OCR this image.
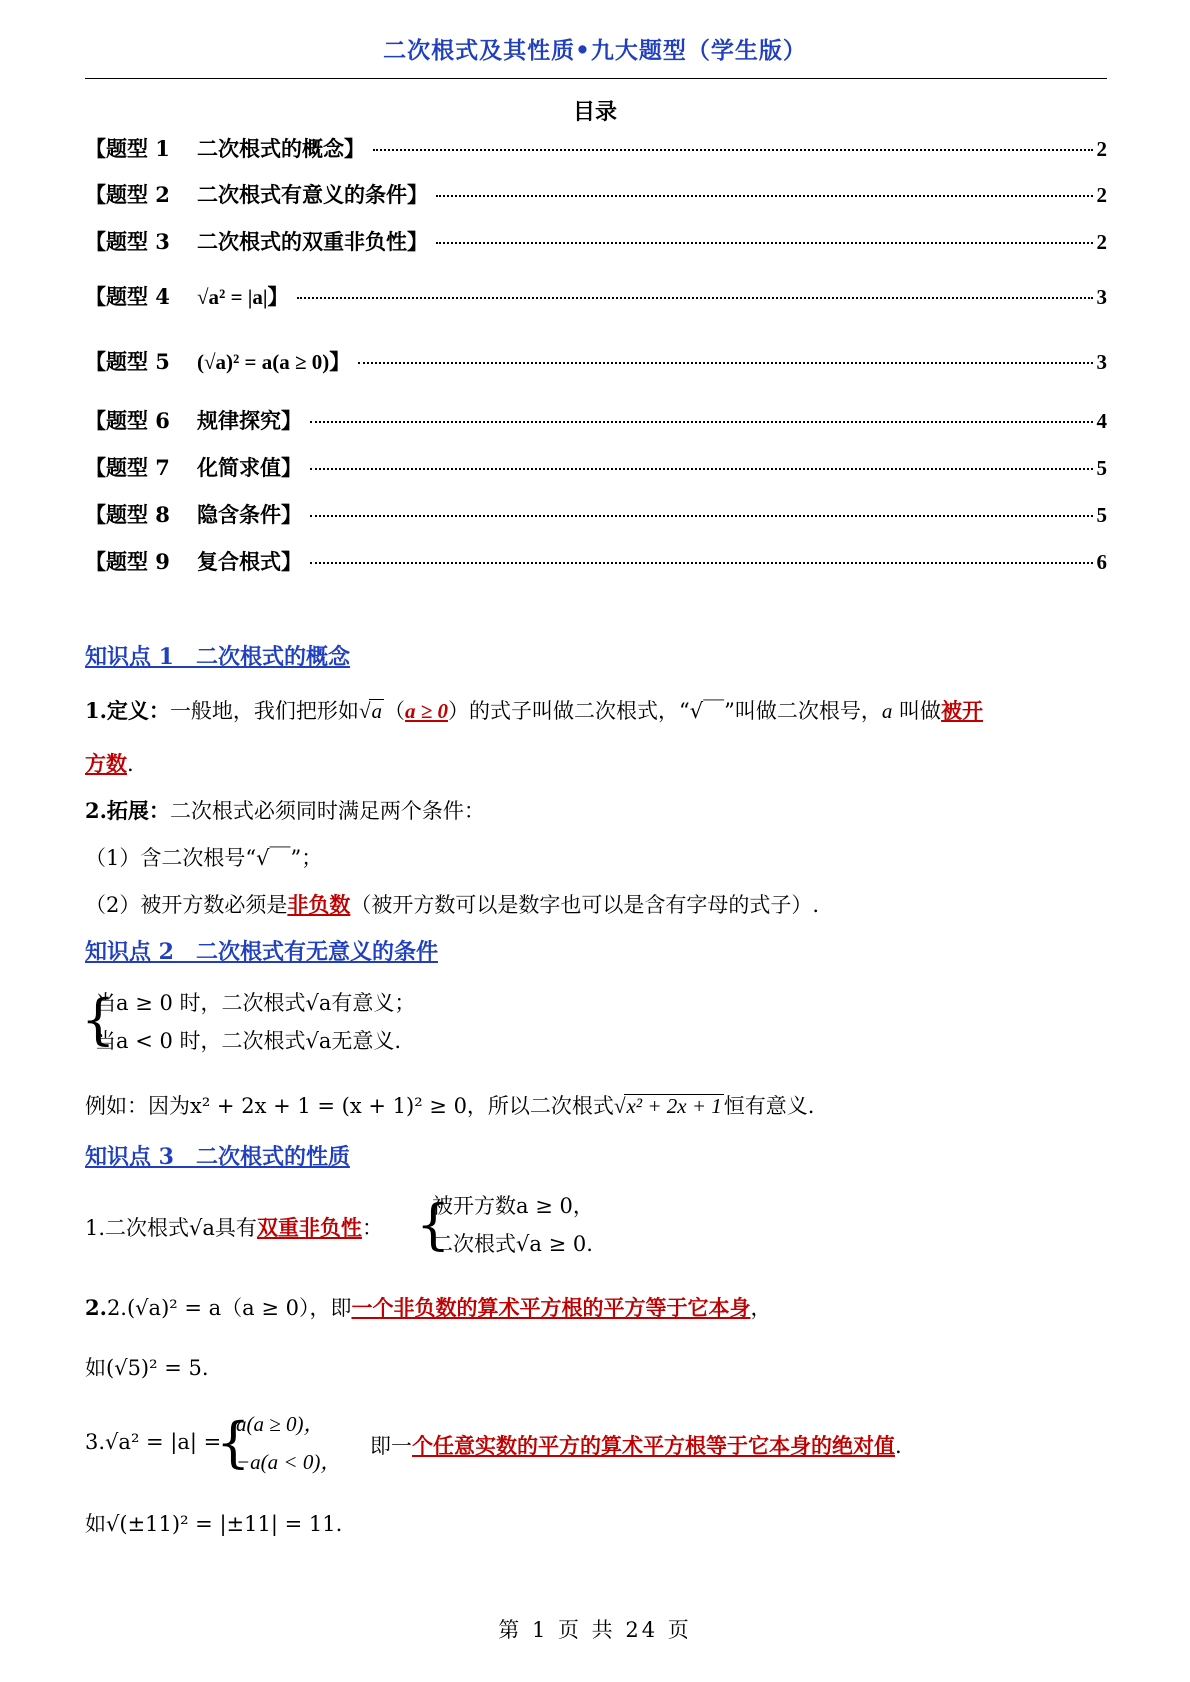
二次根式及其性质•九大题型（学生版）
目录
【题型 1	二次根式的概念】	2
【题型 2	二次根式有意义的条件】	2
【题型 3	二次根式的双重非负性】	2
【题型 4	√a² = |a|】	3
【题型 5	(√a)² = a(a ≥ 0)】	3
【题型 6	规律探究】	4
【题型 7	化简求值】	5
【题型 8	隐含条件】	5
【题型 9	复合根式】	6
知识点 1　二次根式的概念
1.定义：一般地，我们把形如√a（a ≥ 0）的式子叫做二次根式，“√￣”叫做二次根号，a 叫做被开
方数.
2.拓展：二次根式必须同时满足两个条件：
（1）含二次根号“√￣”；
（2）被开方数必须是非负数（被开方数可以是数字也可以是含有字母的式子）.
知识点 2　二次根式有无意义的条件
{
当a ≥ 0 时，二次根式√a有意义；
当a < 0 时，二次根式√a无意义.
例如：因为x² + 2x + 1 = (x + 1)² ≥ 0，所以二次根式√x² + 2x + 1恒有意义.
知识点 3　二次根式的性质
1.二次根式√a具有双重非负性： {
被开方数a ≥ 0，
二次根式√a ≥ 0.
2.2.(√a)² = a（a ≥ 0），即一个非负数的算术平方根的平方等于它本身，
如(√5)² = 5.
3.√a² = |a| =
{
a(a ≥ 0)，
−a(a < 0)，
即一个任意实数的平方的算术平方根等于它本身的绝对值.
如√(±11)² = |±11| = 11.
第 1 页 共 24 页
